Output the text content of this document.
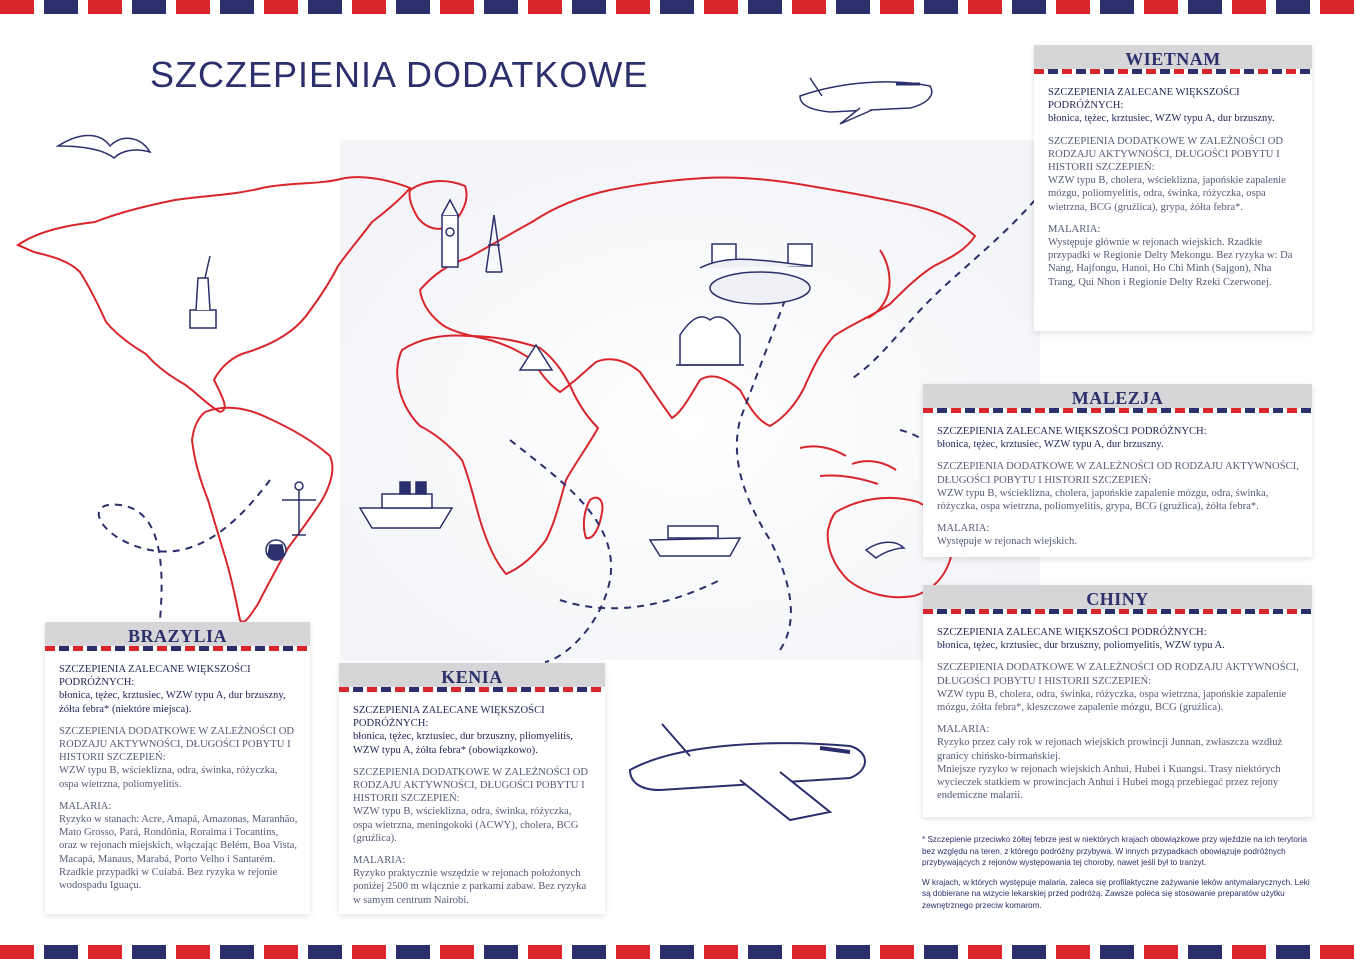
SZCZEPIENIA DODATKOWE	WIETNAM
SZCZEPIENIA ZALECANE WIĘKSZOŚCI PODRÓŻNYCH:
błonica, tężec, krztusiec, WZW typu A, dur brzuszny.
SZCZEPIENIA DODATKOWE W ZALEŻNOŚCI OD RODZAJU AKTYWNOŚCI, DŁUGOŚCI POBYTU I HISTORII SZCZEPIEŃ:
WZW typu B, cholera, wścieklizna, japońskie zapalenie mózgu, poliomyelitis, odra, świnka, różyczka, ospa wietrzna, BCG (gruźlica), grypa, żółta febra*.
MALARIA:
Występuje głównie w rejonach wiejskich. Rzadkie przypadki w Regionie Delty Mekongu. Bez ryzyka w: Da Nang, Hajfongu, Hanoi, Ho Chi Minh (Sajgon), Nha Trang, Qui Nhon i Regionie Delty Rzeki Czerwonej.
MALEZJA
SZCZEPIENIA ZALECANE WIĘKSZOŚCI PODRÓŻNYCH:
błonica, tężec, krztusiec, WZW typu A, dur brzuszny.
SZCZEPIENIA DODATKOWE W ZALEŻNOŚCI OD RODZAJU AKTYWNOŚCI, DŁUGOŚCI POBYTU I HISTORII SZCZEPIEŃ:
WZW typu B, wścieklizna, cholera, japońskie zapalenie mózgu, odra, świnka, różyczka, ospa wietrzna, poliomyelitis, grypa, BCG (gruźlica), żółta febra*.
MALARIA:
Występuje w rejonach wiejskich.
CHINY
SZCZEPIENIA ZALECANE WIĘKSZOŚCI PODRÓŻNYCH:
błonica, tężec, krztusiec, dur brzuszny, poliomyelitis, WZW typu A.
SZCZEPIENIA DODATKOWE W ZALEŻNOŚCI OD RODZAJU AKTYWNOŚCI, DŁUGOŚCI POBYTU I HISTORII SZCZEPIEŃ:
WZW typu B, cholera, odra, świnka, różyczka, ospa wietrzna, japońskie zapalenie mózgu, żółta febra*, kleszczowe zapalenie mózgu, BCG (gruźlica).
MALARIA:
Ryzyko przez cały rok w rejonach wiejskich prowincji Junnan, zwłaszcza wzdłuż granicy chińsko-birmańskiej.
Mniejsze ryzyko w rejonach wiejskich Anhui, Hubei i Kuangsi. Trasy niektórych wycieczek statkiem w prowincjach Anhui i Hubei mogą przebiegać przez rejony endemiczne malarii.
BRAZYLIA
SZCZEPIENIA ZALECANE WIĘKSZOŚCI PODRÓŻNYCH:
błonica, tężec, krztusiec, WZW typu A, dur brzuszny, żółta febra* (niektóre miejsca).
SZCZEPIENIA DODATKOWE W ZALEŻNOŚCI OD RODZAJU AKTYWNOŚCI, DŁUGOŚCI POBYTU I HISTORII SZCZEPIEŃ:
WZW typu B, wścieklizna, odra, świnka, różyczka, ospa wietrzna, poliomyelitis.
MALARIA:
Ryzyko w stanach: Acre, Amapá, Amazonas, Maranhão, Mato Grosso, Pará, Rondônia, Roraima i Tocantins, oraz w rejonach miejskich, włączając Belém, Boa Vista, Macapá, Manaus, Marabá, Porto Velho i Santarém. Rzadkie przypadki w Cuiabá. Bez ryzyka w rejonie wodospadu Iguaçu.
KENIA
SZCZEPIENIA ZALECANE WIĘKSZOŚCI PODRÓŻNYCH:
błonica, tężec, krztusiec, dur brzuszny, pliomyelitis, WZW typu A, żółta febra* (obowiązkowo).
SZCZEPIENIA DODATKOWE W ZALEŻNOŚCI OD RODZAJU AKTYWNOŚCI, DŁUGOŚCI POBYTU I HISTORII SZCZEPIEŃ:
WZW typu B, wścieklizna, odra, świnka, różyczka, ospa wietrzna, meningokoki (ACWY), cholera, BCG (gruźlica).
MALARIA:
Ryzyko praktycznie wszędzie w rejonach położonych poniżej 2500 m włącznie z parkami zabaw. Bez ryzyka w samym centrum Nairobi.

* Szczepienie przeciwko żółtej febrze jest w niektórych krajach obowiązkowe przy wjeździe na ich terytoria bez względu na teren, z którego podróżny przybywa. W innych przypadkach obowiązuje podróżnych przybywających z rejonów występowania tej choroby, nawet jeśli był to tranzyt.

W krajach, w których występuje malaria, zaleca się profilaktyczne zażywanie leków antymalarycznych. Leki są dobierane na wizycie lekarskiej przed podróżą. Zawsze poleca się stosowanie preparatów użytku zewnętrznego przeciw komarom.
